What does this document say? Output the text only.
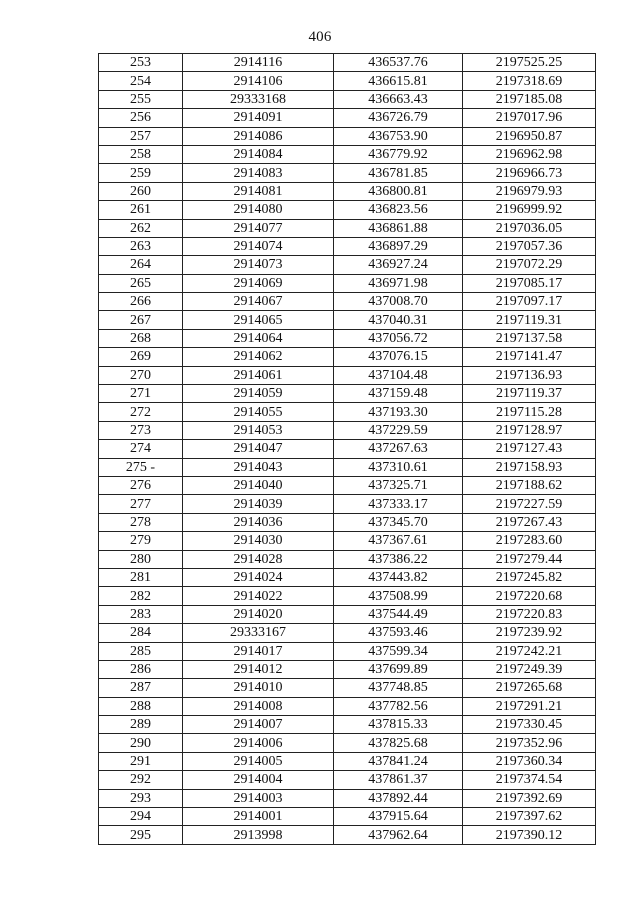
406
253	2914116	436537.76	2197525.25
254	2914106	436615.81	2197318.69
255	29333168	436663.43	2197185.08
256	2914091	436726.79	2197017.96
257	2914086	436753.90	2196950.87
258	2914084	436779.92	2196962.98
259	2914083	436781.85	2196966.73
260	2914081	436800.81	2196979.93
261	2914080	436823.56	2196999.92
262	2914077	436861.88	2197036.05
263	2914074	436897.29	2197057.36
264	2914073	436927.24	2197072.29
265	2914069	436971.98	2197085.17
266	2914067	437008.70	2197097.17
267	2914065	437040.31	2197119.31
268	2914064	437056.72	2197137.58
269	2914062	437076.15	2197141.47
270	2914061	437104.48	2197136.93
271	2914059	437159.48	2197119.37
272	2914055	437193.30	2197115.28
273	2914053	437229.59	2197128.97
274	2914047	437267.63	2197127.43
275 -	2914043	437310.61	2197158.93
276	2914040	437325.71	2197188.62
277	2914039	437333.17	2197227.59
278	2914036	437345.70	2197267.43
279	2914030	437367.61	2197283.60
280	2914028	437386.22	2197279.44
281	2914024	437443.82	2197245.82
282	2914022	437508.99	2197220.68
283	2914020	437544.49	2197220.83
284	29333167	437593.46	2197239.92
285	2914017	437599.34	2197242.21
286	2914012	437699.89	2197249.39
287	2914010	437748.85	2197265.68
288	2914008	437782.56	2197291.21
289	2914007	437815.33	2197330.45
290	2914006	437825.68	2197352.96
291	2914005	437841.24	2197360.34
292	2914004	437861.37	2197374.54
293	2914003	437892.44	2197392.69
294	2914001	437915.64	2197397.62
295	2913998	437962.64	2197390.12
